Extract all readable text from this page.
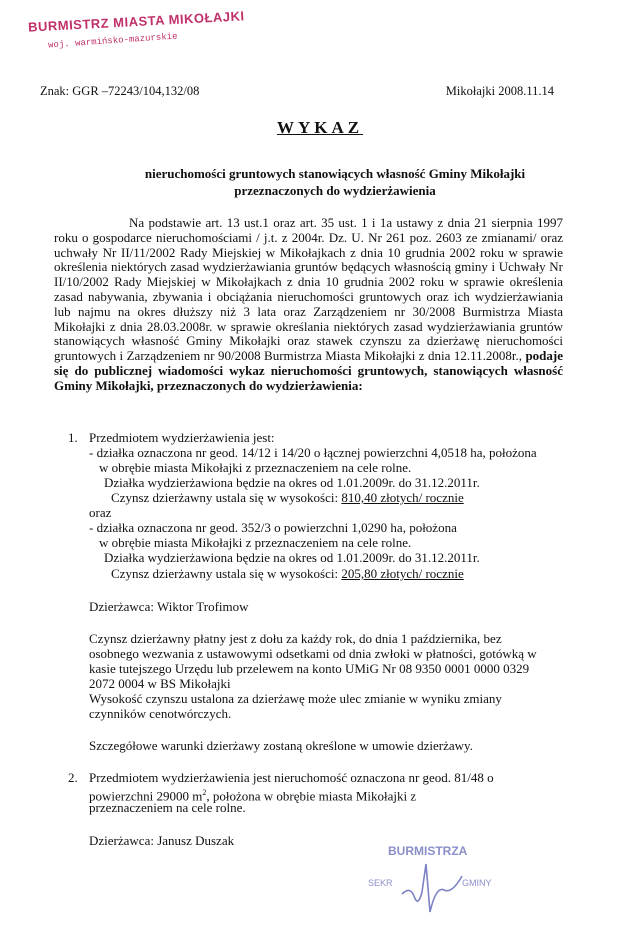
BURMISTRZ MIASTA MIKOŁAJKI
woj. warmińsko-mazurskie
Znak: GGR –72243/104,132/08	Mikołajki 2008.11.14
WYKAZ
nieruchomości gruntowych stanowiących własność Gminy Mikołajki przeznaczonych do wydzierżawienia
Na podstawie art. 13 ust.1 oraz art. 35 ust. 1 i 1a ustawy z dnia 21 sierpnia 1997 roku o gospodarce nieruchomościami / j.t. z 2004r. Dz. U. Nr 261 poz. 2603 ze zmianami/ oraz uchwały Nr II/11/2002 Rady Miejskiej w Mikołajkach z dnia 10 grudnia 2002 roku w sprawie określenia niektórych zasad wydzierżawiania gruntów będących własnością gminy i Uchwały Nr II/10/2002 Rady Miejskiej w Mikołajkach z dnia 10 grudnia 2002 roku w sprawie określenia zasad nabywania, zbywania i obciążania nieruchomości gruntowych oraz ich wydzierżawiania lub najmu na okres dłuższy niż 3 lata oraz Zarządzeniem nr 30/2008 Burmistrza Miasta Mikołajki z dnia 28.03.2008r. w sprawie określania niektórych zasad wydzierżawiania gruntów stanowiących własność Gminy Mikołajki oraz stawek czynszu za dzierżawę nieruchomości gruntowych i Zarządzeniem nr 90/2008 Burmistrza Miasta Mikołajki z dnia 12.11.2008r., podaje się do publicznej wiadomości wykaz nieruchomości gruntowych, stanowiących własność Gminy Mikołajki, przeznaczonych do wydzierżawienia:
1. Przedmiotem wydzierżawienia jest:
- działka oznaczona nr geod. 14/12 i 14/20 o łącznej powierzchni 4,0518 ha, położona
w obrębie miasta Mikołajki z przeznaczeniem na cele rolne.
Działka wydzierżawiona będzie na okres od 1.01.2009r. do 31.12.2011r.
Czynsz dzierżawny ustala się w wysokości: 810,40 złotych/ rocznie
oraz
- działka oznaczona nr geod. 352/3 o powierzchni 1,0290 ha, położona
w obrębie miasta Mikołajki z przeznaczeniem na cele rolne.
Działka wydzierżawiona będzie na okres od 1.01.2009r. do 31.12.2011r.
Czynsz dzierżawny ustala się w wysokości: 205,80 złotych/ rocznie
Dzierżawca: Wiktor Trofimow
Czynsz dzierżawny płatny jest z dołu za każdy rok, do dnia 1 października, bez
osobnego wezwania z ustawowymi odsetkami od dnia zwłoki w płatności, gotówką w
kasie tutejszego Urzędu lub przelewem na konto UMiG Nr 08 9350 0001 0000 0329
2072 0004 w BS Mikołajki
Wysokość czynszu ustalona za dzierżawę może ulec zmianie w wyniku zmiany
czynników cenotwórczych.
Szczegółowe warunki dzierżawy zostaną określone w umowie dzierżawy.
2. Przedmiotem wydzierżawienia jest nieruchomość oznaczona nr geod. 81/48 o
powierzchni 29000 $m^2$, położona w obrębie miasta Mikołajki z
przeznaczeniem na cele rolne.
Dzierżawca: Janusz Duszak
BURMISTRZA
SEKR	GMINY
